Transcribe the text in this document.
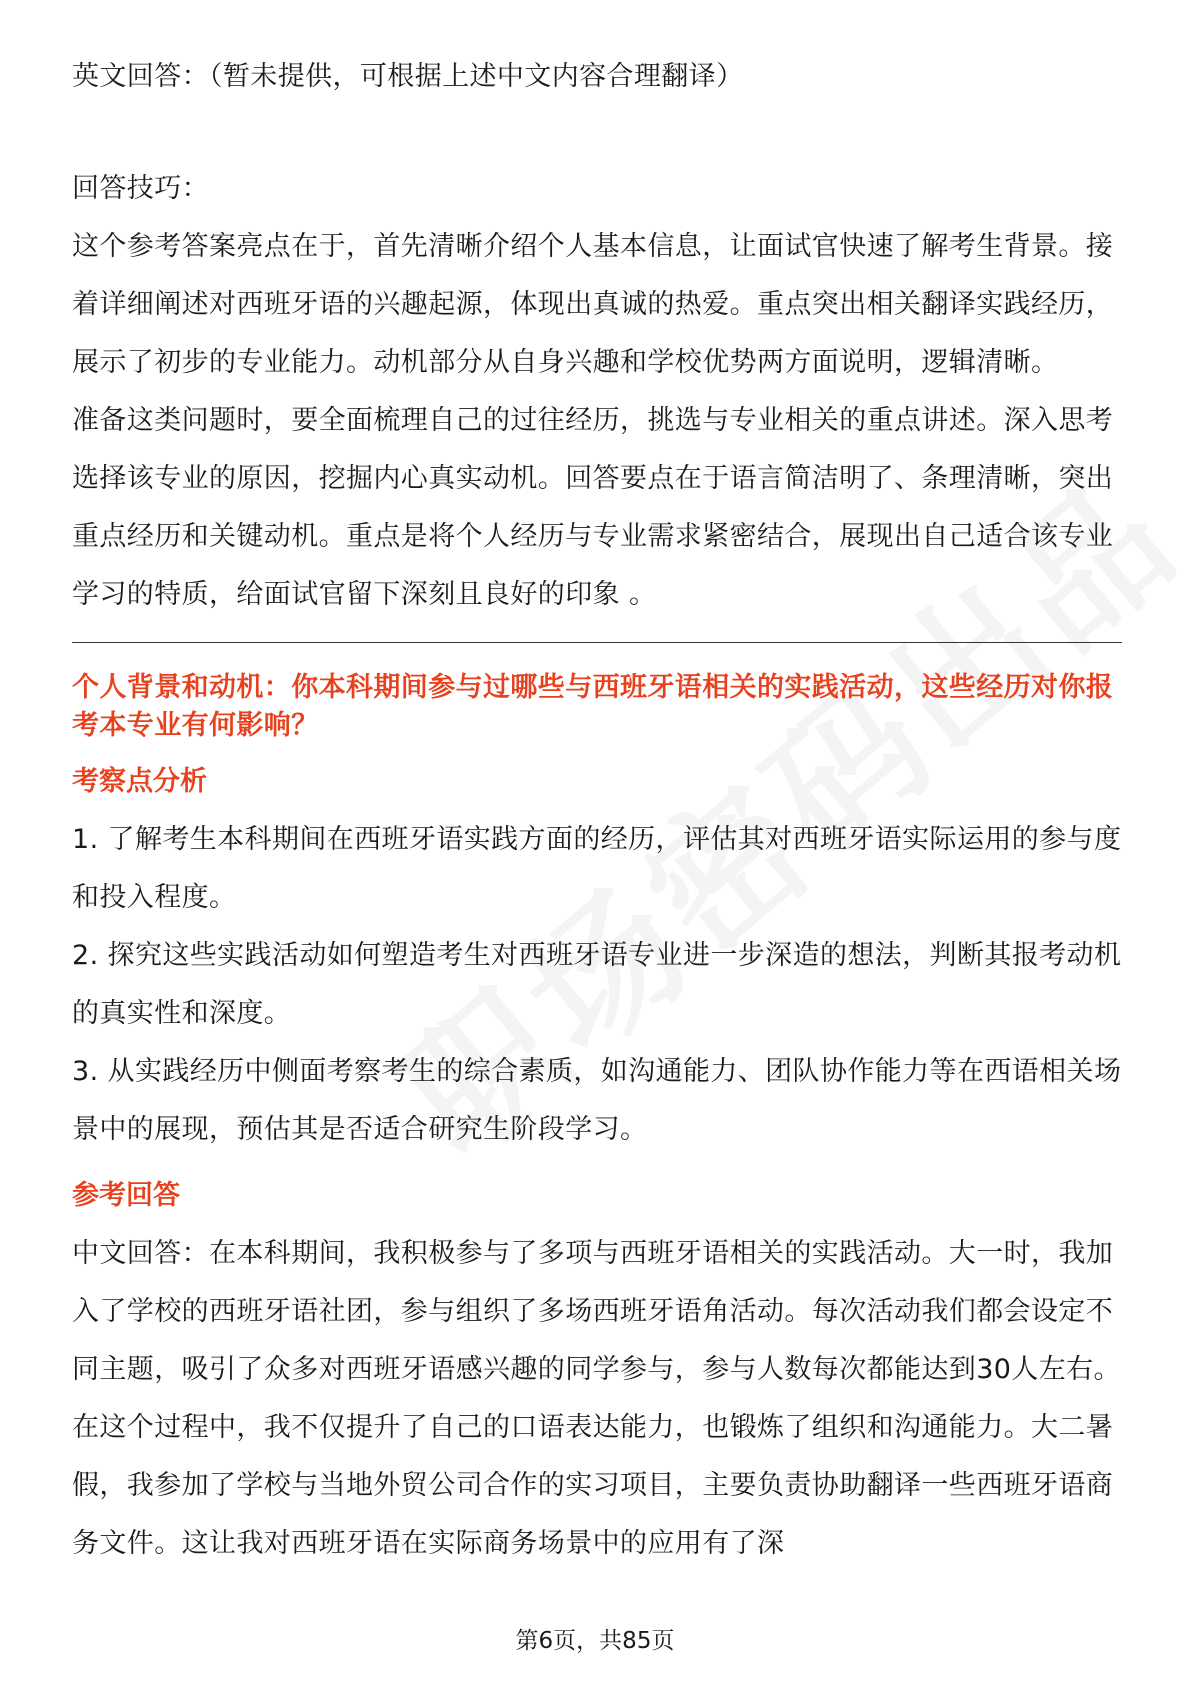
英文回答：（暂未提供，可根据上述中文内容合理翻译）

回答技巧：

这个参考答案亮点在于，首先清晰介绍个人基本信息，让面试官快速了解考生背景。接着详细阐述对西班牙语的兴趣起源，体现出真诚的热爱。重点突出相关翻译实践经历，展示了初步的专业能力。动机部分从自身兴趣和学校优势两方面说明，逻辑清晰。

准备这类问题时，要全面梳理自己的过往经历，挑选与专业相关的重点讲述。深入思考选择该专业的原因，挖掘内心真实动机。回答要点在于语言简洁明了、条理清晰，突出重点经历和关键动机。重点是将个人经历与专业需求紧密结合，展现出自己适合该专业学习的特质，给面试官留下深刻且良好的印象 。

个人背景和动机：你本科期间参与过哪些与西班牙语相关的实践活动，这些经历对你报考本专业有何影响？

考察点分析

1. 了解考生本科期间在西班牙语实践方面的经历，评估其对西班牙语实际运用的参与度和投入程度。

2. 探究这些实践活动如何塑造考生对西班牙语专业进一步深造的想法，判断其报考动机的真实性和深度。

3. 从实践经历中侧面考察考生的综合素质，如沟通能力、团队协作能力等在西语相关场景中的展现，预估其是否适合研究生阶段学习。

参考回答

中文回答：在本科期间，我积极参与了多项与西班牙语相关的实践活动。大一时，我加入了学校的西班牙语社团，参与组织了多场西班牙语角活动。每次活动我们都会设定不同主题，吸引了众多对西班牙语感兴趣的同学参与，参与人数每次都能达到30人左右。在这个过程中，我不仅提升了自己的口语表达能力，也锻炼了组织和沟通能力。大二暑假，我参加了学校与当地外贸公司合作的实习项目，主要负责协助翻译一些西班牙语商务文件。这让我对西班牙语在实际商务场景中的应用有了深

第6页，共85页
